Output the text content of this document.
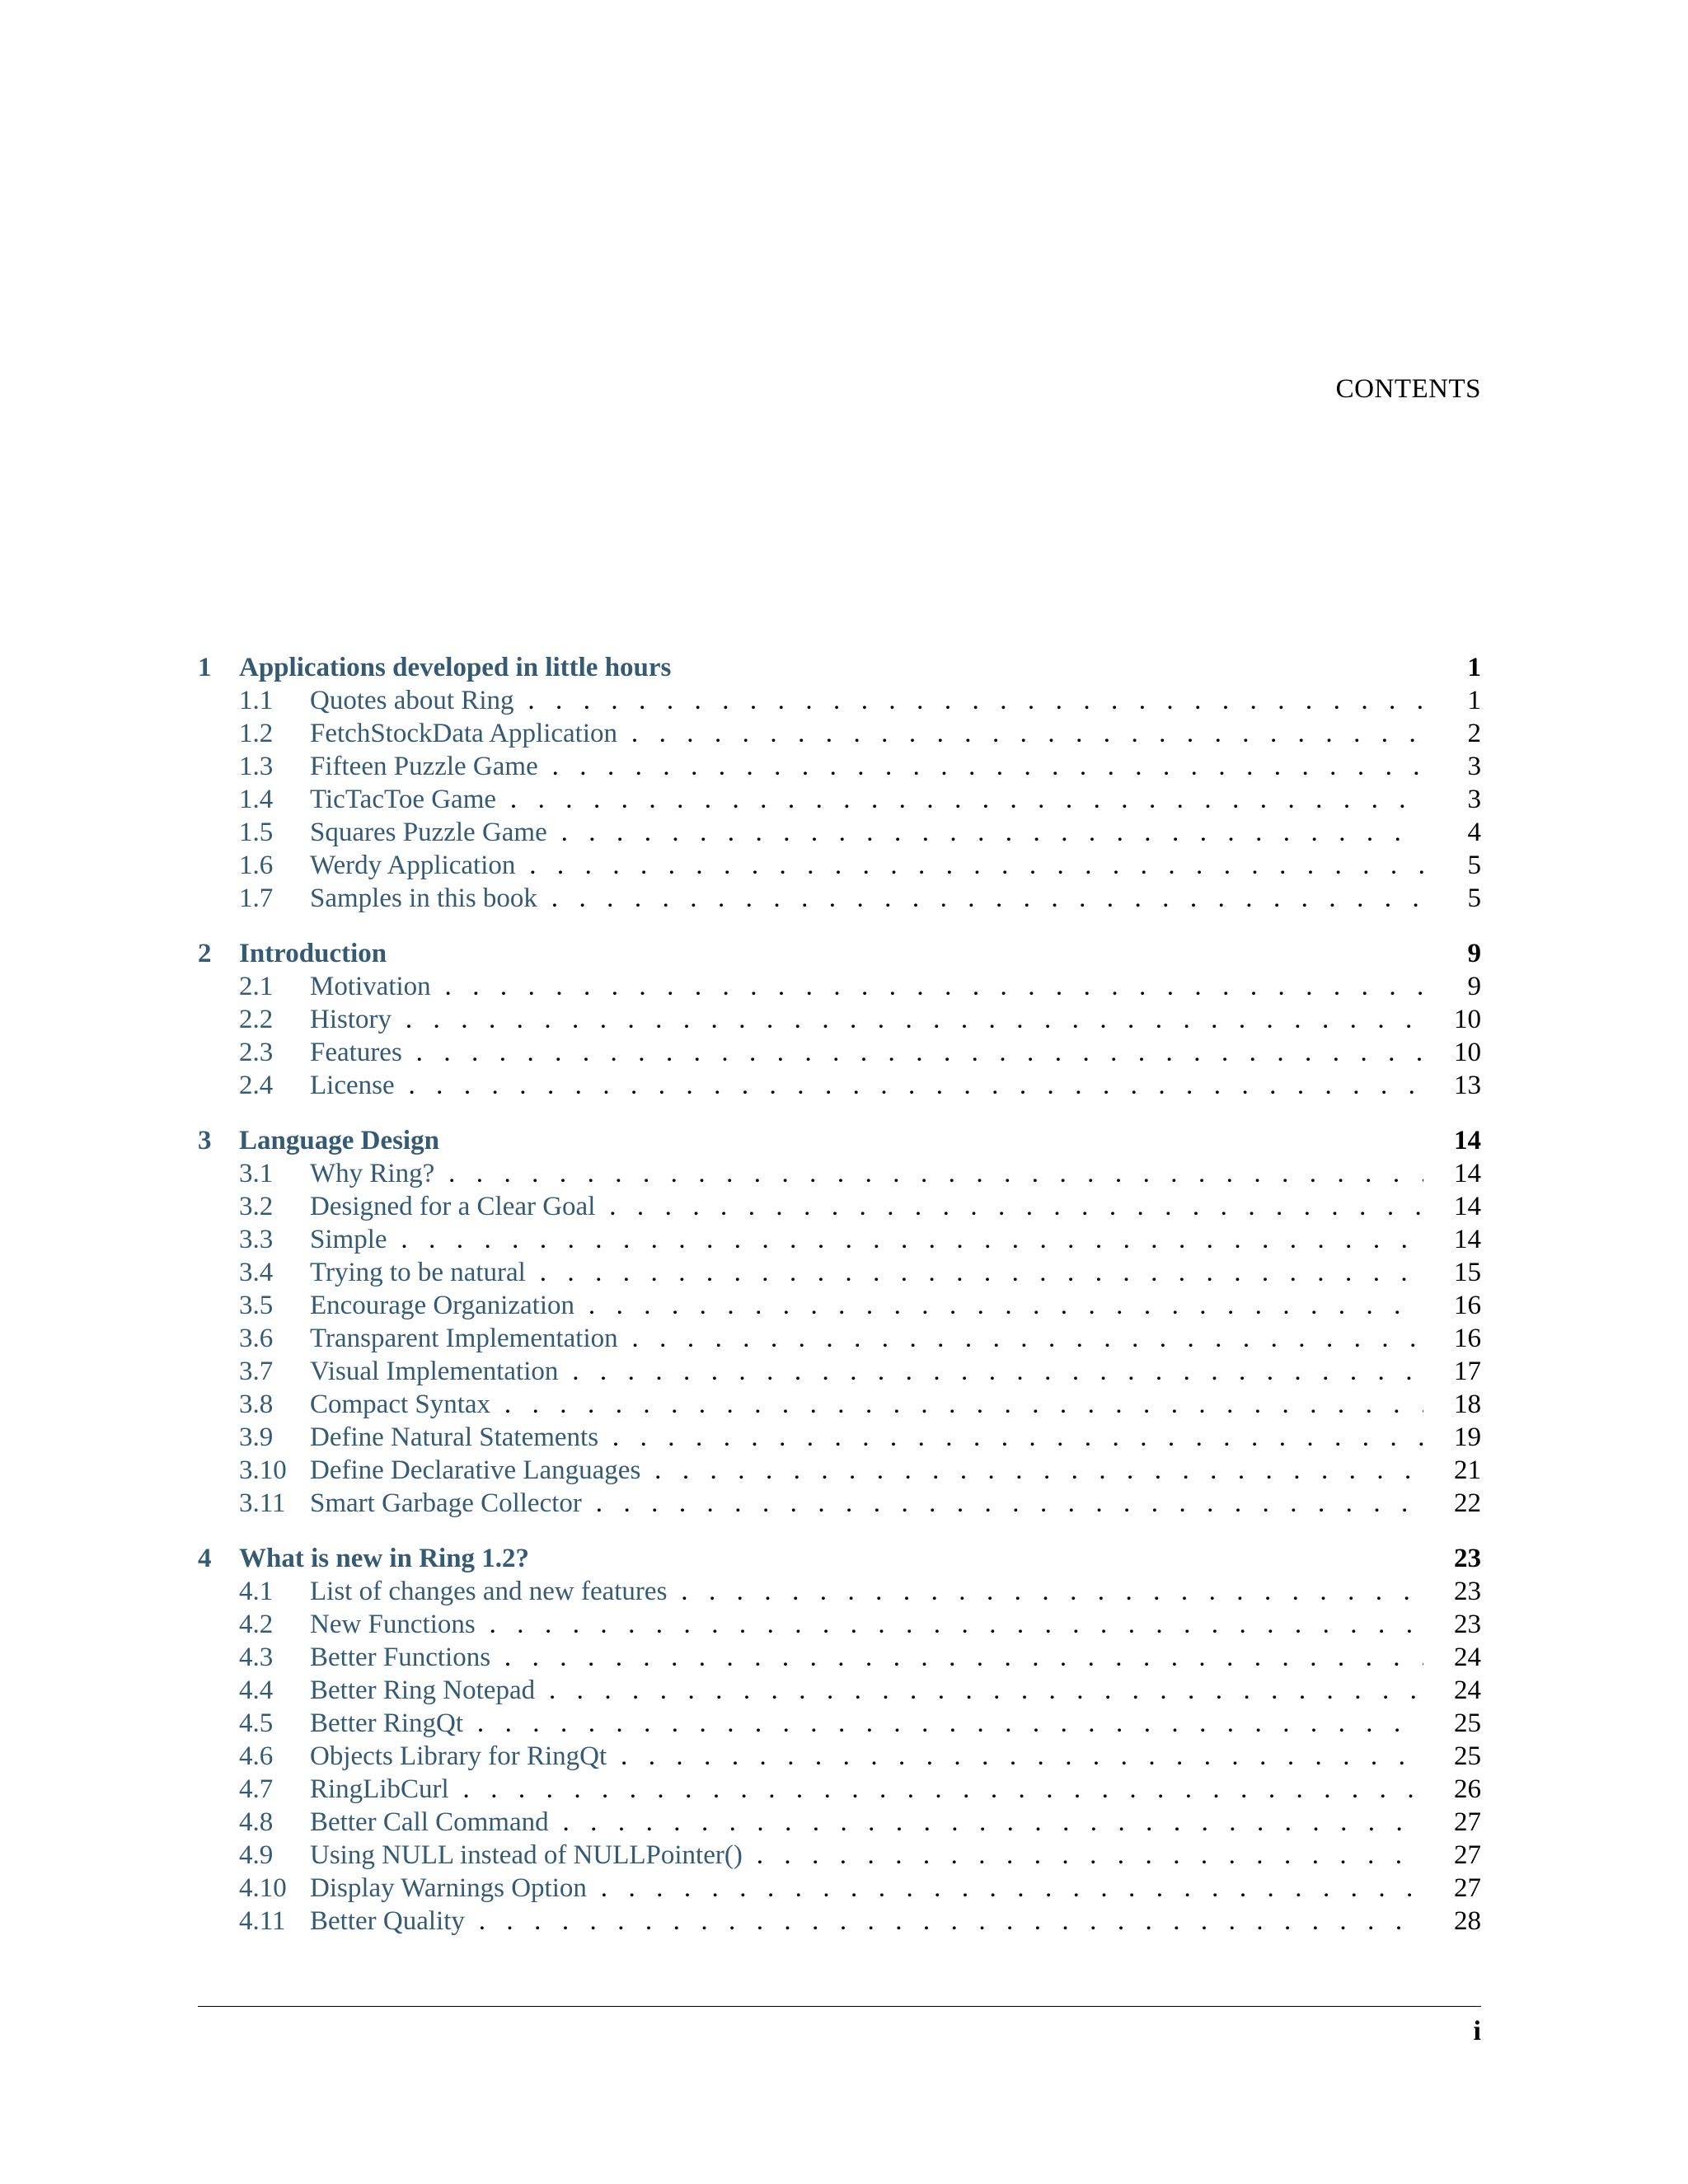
CONTENTS
1 Applications developed in little hours	1
1.1 Quotes about Ring . . .	1
1.2 FetchStockData Application . . .	2
1.3 Fifteen Puzzle Game . . .	3
1.4 TicTacToe Game . . .	3
1.5 Squares Puzzle Game . . .	4
1.6 Werdy Application . . .	5
1.7 Samples in this book . . .	5
2 Introduction	9
2.1 Motivation . . .	9
2.2 History . . .	10
2.3 Features . . .	10
2.4 License . . .	13
3 Language Design	14
3.1 Why Ring? . . .	14
3.2 Designed for a Clear Goal . . .	14
3.3 Simple . . .	14
3.4 Trying to be natural . . .	15
3.5 Encourage Organization . . .	16
3.6 Transparent Implementation . . .	16
3.7 Visual Implementation . . .	17
3.8 Compact Syntax . . .	18
3.9 Define Natural Statements . . .	19
3.10 Define Declarative Languages . . .	21
3.11 Smart Garbage Collector . . .	22
4 What is new in Ring 1.2?	23
4.1 List of changes and new features . . .	23
4.2 New Functions . . .	23
4.3 Better Functions . . .	24
4.4 Better Ring Notepad . . .	24
4.5 Better RingQt . . .	25
4.6 Objects Library for RingQt . . .	25
4.7 RingLibCurl . . .	26
4.8 Better Call Command . . .	27
4.9 Using NULL instead of NULLPointer() . . .	27
4.10 Display Warnings Option . . .	27
4.11 Better Quality . . .	28
i
